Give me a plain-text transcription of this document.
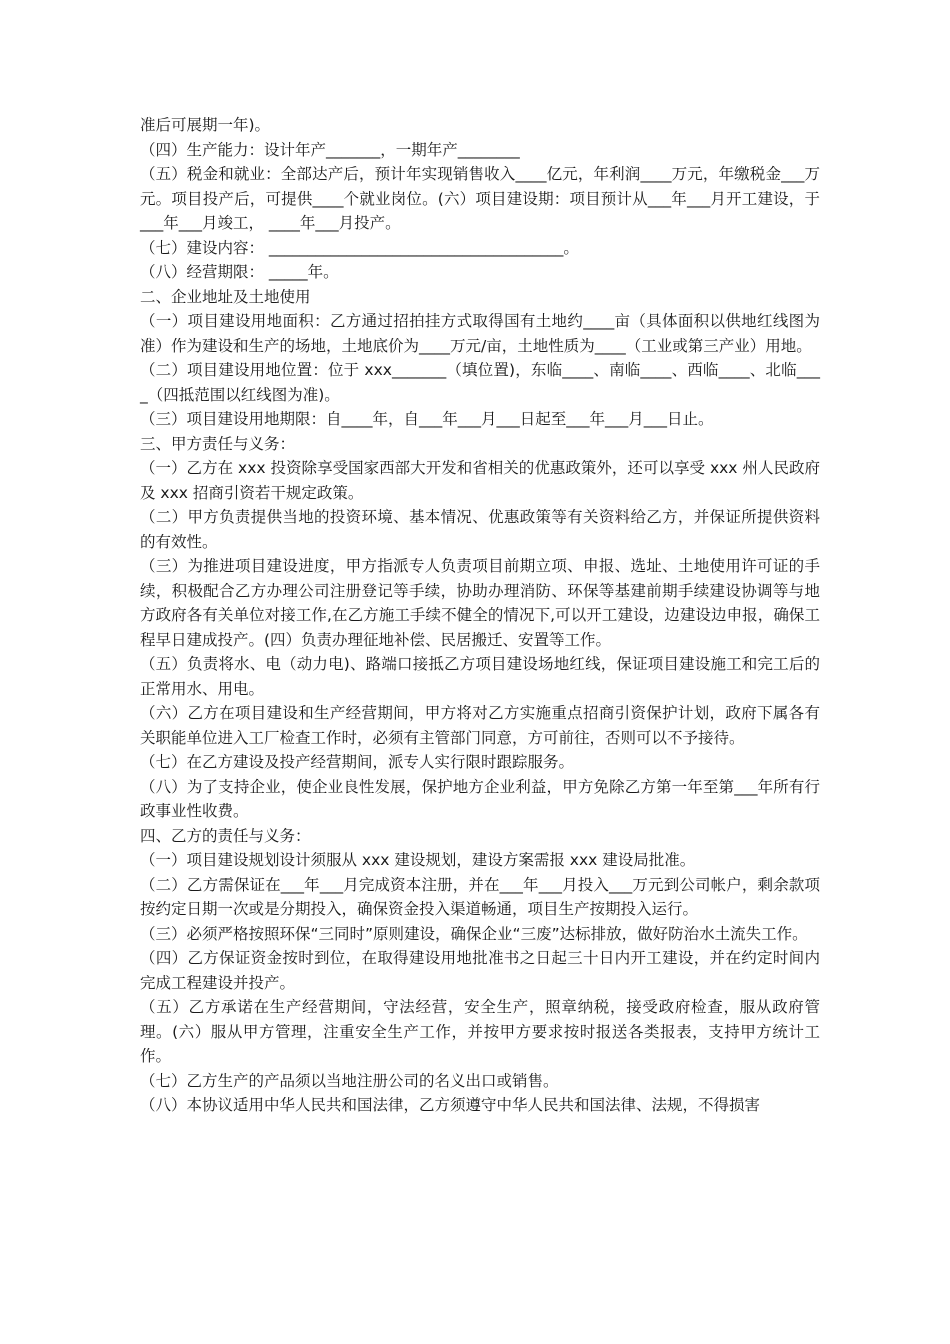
准后可展期一年)。

（四）生产能力：设计年产_______，一期年产________

（五）税金和就业：全部达产后，预计年实现销售收入____亿元，年利润____万元，年缴税金___万元。项目投产后，可提供____个就业岗位。(六）项目建设期：项目预计从___年___月开工建设，于___年___月竣工， ____年___月投产。

（七）建设内容： ______________________________________。

（八）经营期限： _____年。

二、企业地址及土地使用

（一）项目建设用地面积：乙方通过招拍挂方式取得国有土地约____亩（具体面积以供地红线图为准）作为建设和生产的场地，土地底价为____万元/亩，土地性质为____（工业或第三产业）用地。

（二）项目建设用地位置：位于 xxx_______（填位置)，东临____、南临____、西临____、北临____（四抵范围以红线图为准)。

（三）项目建设用地期限：自____年，自___年___月___日起至___年___月___日止。

三、甲方责任与义务：

（一）乙方在 xxx 投资除享受国家西部大开发和省相关的优惠政策外，还可以享受 xxx 州人民政府及 xxx 招商引资若干规定政策。

（二）甲方负责提供当地的投资环境、基本情况、优惠政策等有关资料给乙方，并保证所提供资料的有效性。

（三）为推进项目建设进度，甲方指派专人负责项目前期立项、申报、选址、土地使用许可证的手续，积极配合乙方办理公司注册登记等手续，协助办理消防、环保等基建前期手续建设协调等与地方政府各有关单位对接工作,在乙方施工手续不健全的情况下,可以开工建设，边建设边申报，确保工程早日建成投产。(四）负责办理征地补偿、民居搬迁、安置等工作。

（五）负责将水、电（动力电)、路端口接抵乙方项目建设场地红线，保证项目建设施工和完工后的正常用水、用电。

（六）乙方在项目建设和生产经营期间，甲方将对乙方实施重点招商引资保护计划，政府下属各有关职能单位进入工厂检查工作时，必须有主管部门同意，方可前往，否则可以不予接待。

（七）在乙方建设及投产经营期间，派专人实行限时跟踪服务。

（八）为了支持企业，使企业良性发展，保护地方企业利益，甲方免除乙方第一年至第___年所有行政事业性收费。

四、乙方的责任与义务：

（一）项目建设规划设计须服从 xxx 建设规划，建设方案需报 xxx 建设局批准。

（二）乙方需保证在___年___月完成资本注册，并在___年___月投入___万元到公司帐户，剩余款项按约定日期一次或是分期投入，确保资金投入渠道畅通，项目生产按期投入运行。

（三）必须严格按照环保“三同时”原则建设，确保企业“三废”达标排放，做好防治水土流失工作。

（四）乙方保证资金按时到位，在取得建设用地批准书之日起三十日内开工建设，并在约定时间内完成工程建设并投产。

（五）乙方承诺在生产经营期间，守法经营，安全生产，照章纳税，接受政府检查，服从政府管理。(六）服从甲方管理，注重安全生产工作，并按甲方要求按时报送各类报表，支持甲方统计工作。

（七）乙方生产的产品须以当地注册公司的名义出口或销售。

（八）本协议适用中华人民共和国法律，乙方须遵守中华人民共和国法律、法规，不得损害
